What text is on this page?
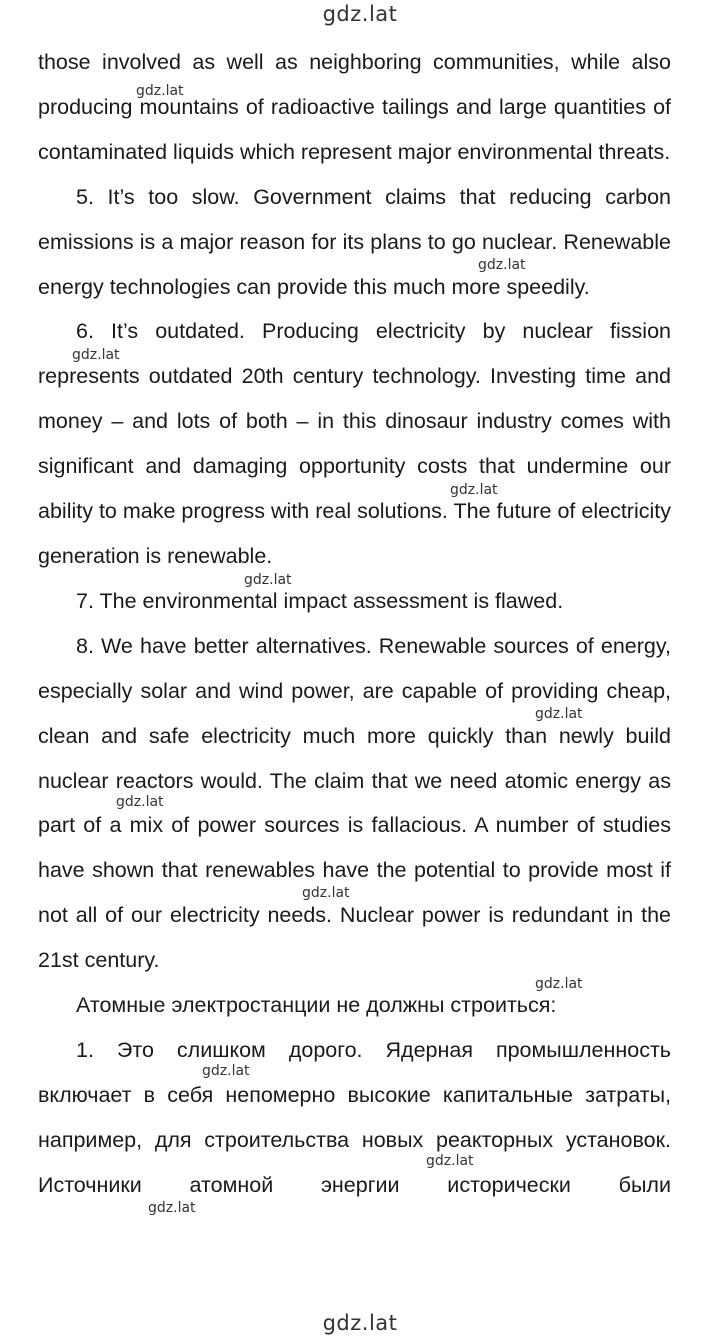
gdz.lat

those involved as well as neighboring communities, while also producing mountains of radioactive tailings and large quantities of contaminated liquids which represent major environmental threats.

5. It’s too slow. Government claims that reducing carbon emissions is a major reason for its plans to go nuclear. Renewable energy technologies can provide this much more speedily.

6. It’s outdated. Producing electricity by nuclear fission represents outdated 20th century technology. Investing time and money – and lots of both – in this dinosaur industry comes with significant and damaging opportunity costs that undermine our ability to make progress with real solutions. The future of electricity generation is renewable.

7. The environmental impact assessment is flawed.

8. We have better alternatives. Renewable sources of energy, especially solar and wind power, are capable of providing cheap, clean and safe electricity much more quickly than newly build nuclear reactors would. The claim that we need atomic energy as part of a mix of power sources is fallacious. A number of studies have shown that renewables have the potential to provide most if not all of our electricity needs. Nuclear power is redundant in the 21st century.

Атомные электростанции не должны строиться:

1. Это слишком дорого. Ядерная промышленность включает в себя непомерно высокие капитальные затраты, например, для строительства новых реакторных установок. Источники атомной энергии исторически были

gdz.lat
gdz.lat
gdz.lat
gdz.lat
gdz.lat
gdz.lat
gdz.lat
gdz.lat
gdz.lat
gdz.lat
gdz.lat
gdz.lat
gdz.lat
